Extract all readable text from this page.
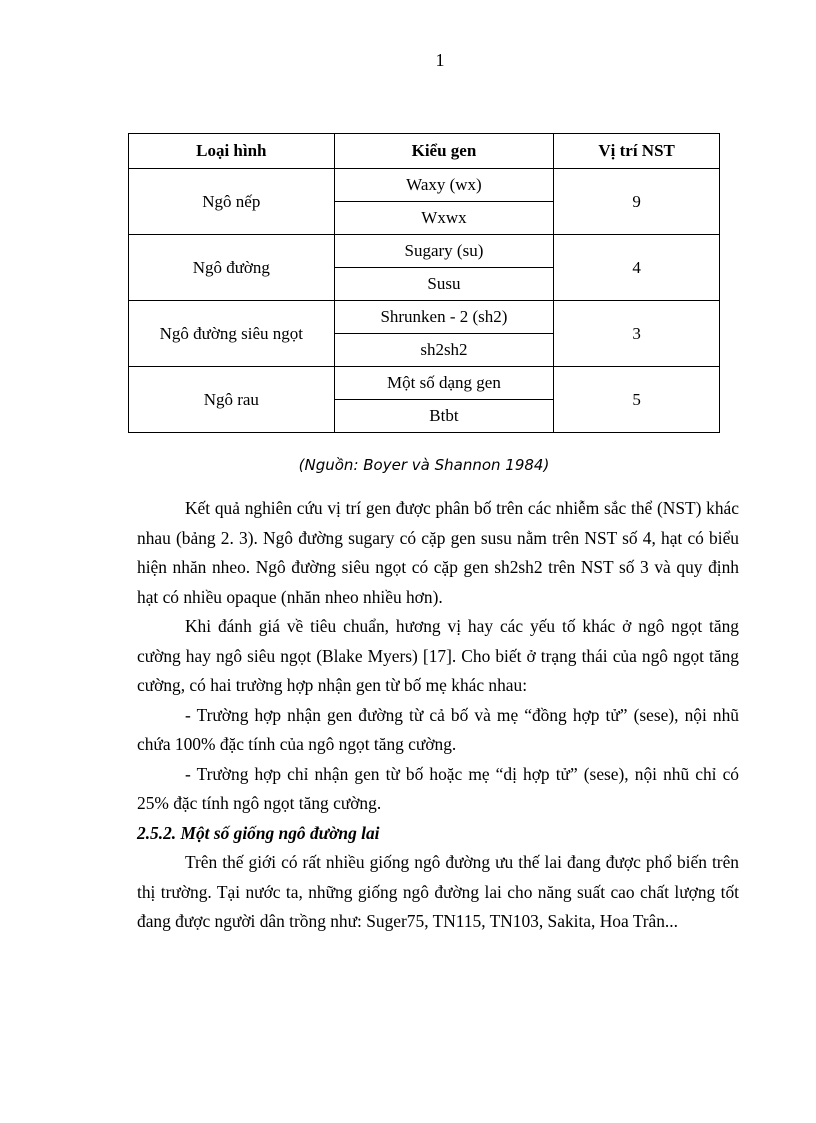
1
Loại hình	Kiểu gen	Vị trí NST
Ngô nếp	Waxy (wx)	9
	Wxwx	
Ngô đường	Sugary (su)	4
	Susu	
Ngô đường siêu ngọt	Shrunken - 2 (sh2)	3
	sh2sh2	
Ngô rau	Một số dạng gen	5
	Btbt	
(Nguồn: Boyer và Shannon 1984)

Kết quả nghiên cứu vị trí gen được phân bố trên các nhiễm sắc thể (NST) khác nhau (bảng 2. 3). Ngô đường sugary có cặp gen susu nằm trên NST số 4, hạt có biểu hiện nhăn nheo. Ngô đường siêu ngọt có cặp gen sh2sh2 trên NST số 3 và quy định hạt có nhiều opaque (nhăn nheo nhiều hơn).

Khi đánh giá về tiêu chuẩn, hương vị hay các yếu tố khác ở ngô ngọt tăng cường hay ngô siêu ngọt (Blake Myers) [17]. Cho biết ở trạng thái của ngô ngọt tăng cường, có hai trường hợp nhận gen từ bố mẹ khác nhau:

- Trường hợp nhận gen đường từ cả bố và mẹ “đồng hợp tử” (sese), nội nhũ chứa 100% đặc tính của ngô ngọt tăng cường.

- Trường hợp chỉ nhận gen từ bố hoặc mẹ “dị hợp tử” (sese), nội nhũ chỉ có 25% đặc tính ngô ngọt tăng cường.

2.5.2. Một số giống ngô đường lai

Trên thế giới có rất nhiều giống ngô đường ưu thế lai đang được phổ biến trên thị trường. Tại nước ta, những giống ngô đường lai cho năng suất cao chất lượng tốt đang được người dân trồng như: Suger75, TN115, TN103, Sakita, Hoa Trân...
